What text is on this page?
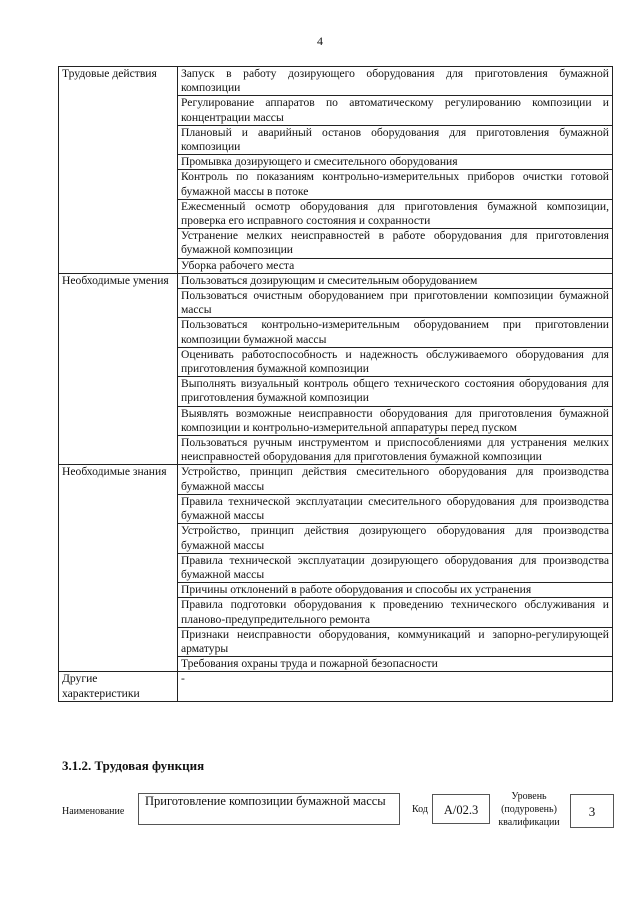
4
Трудовые действия	Запуск в работу дозирующего оборудования для приготовления бумажной композиции
	Регулирование аппаратов по автоматическому регулированию композиции и концентрации массы
	Плановый и аварийный останов оборудования для приготовления бумажной композиции
	Промывка дозирующего и смесительного оборудования
	Контроль по показаниям контрольно-измерительных приборов очистки готовой бумажной массы в потоке
	Ежесменный осмотр оборудования для приготовления бумажной композиции, проверка его исправного состояния и сохранности
	Устранение мелких неисправностей в работе оборудования для приготовления бумажной композиции
	Уборка рабочего места
Необходимые умения	Пользоваться дозирующим и смесительным оборудованием
	Пользоваться очистным оборудованием при приготовлении композиции бумажной массы
	Пользоваться контрольно-измерительным оборудованием при приготовлении композиции бумажной массы
	Оценивать работоспособность и надежность обслуживаемого оборудования для приготовления бумажной композиции
	Выполнять визуальный контроль общего технического состояния оборудования для приготовления бумажной композиции
	Выявлять возможные неисправности оборудования для приготовления бумажной композиции и контрольно-измерительной аппаратуры перед пуском
	Пользоваться ручным инструментом и приспособлениями для устранения мелких неисправностей оборудования для приготовления бумажной композиции
Необходимые знания	Устройство, принцип действия смесительного оборудования для производства бумажной массы
	Правила технической эксплуатации смесительного оборудования для производства бумажной массы
	Устройство, принцип действия дозирующего оборудования для производства бумажной массы
	Правила технической эксплуатации дозирующего оборудования для производства бумажной массы
	Причины отклонений в работе оборудования и способы их устранения
	Правила подготовки оборудования к проведению технического обслуживания и планово-предупредительного ремонта
	Признаки неисправности оборудования, коммуникаций и запорно-регулирующей арматуры
	Требования охраны труда и пожарной безопасности
Другие характеристики	-
3.1.2. Трудовая функция
Наименование
Приготовление композиции бумажной массы
Код	А/02.3
Уровень
(подуровень)
квалификации
3
